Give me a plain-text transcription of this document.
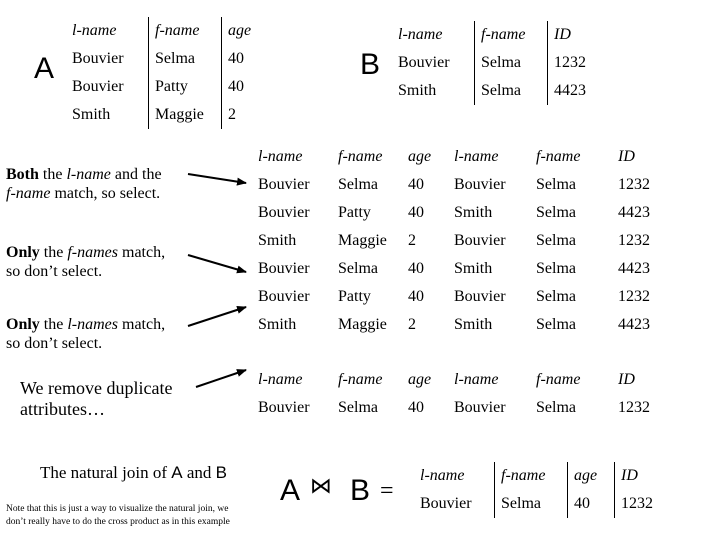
A
l-name	f-name	age
Bouvier	Selma	40
Bouvier	Patty	40
Smith	Maggie	2
B
l-name	f-name	ID
Bouvier	Selma	1232
Smith	Selma	4423
l-name	f-name	age	l-name	f-name	ID
Bouvier	Selma	40	Bouvier	Selma	1232
Bouvier	Patty	40	Smith	Selma	4423
Smith	Maggie	2	Bouvier	Selma	1232
Bouvier	Selma	40	Smith	Selma	4423
Bouvier	Patty	40	Bouvier	Selma	1232
Smith	Maggie	2	Smith	Selma	4423
l-name	f-name	age	l-name	f-name	ID
Bouvier	Selma	40	Bouvier	Selma	1232
A ⋈ B =
l-name	f-name	age	ID
Bouvier	Selma	40	1232
Both the l-name and the
f-name match, so select.
Only the f-names match,
so don’t select.
Only the l-names match,
so don’t select.
We remove duplicate
attributes…
The natural join of A and B
Note that this is just a way to visualize the natural join, we
don’t really have to do the cross product as in this example
